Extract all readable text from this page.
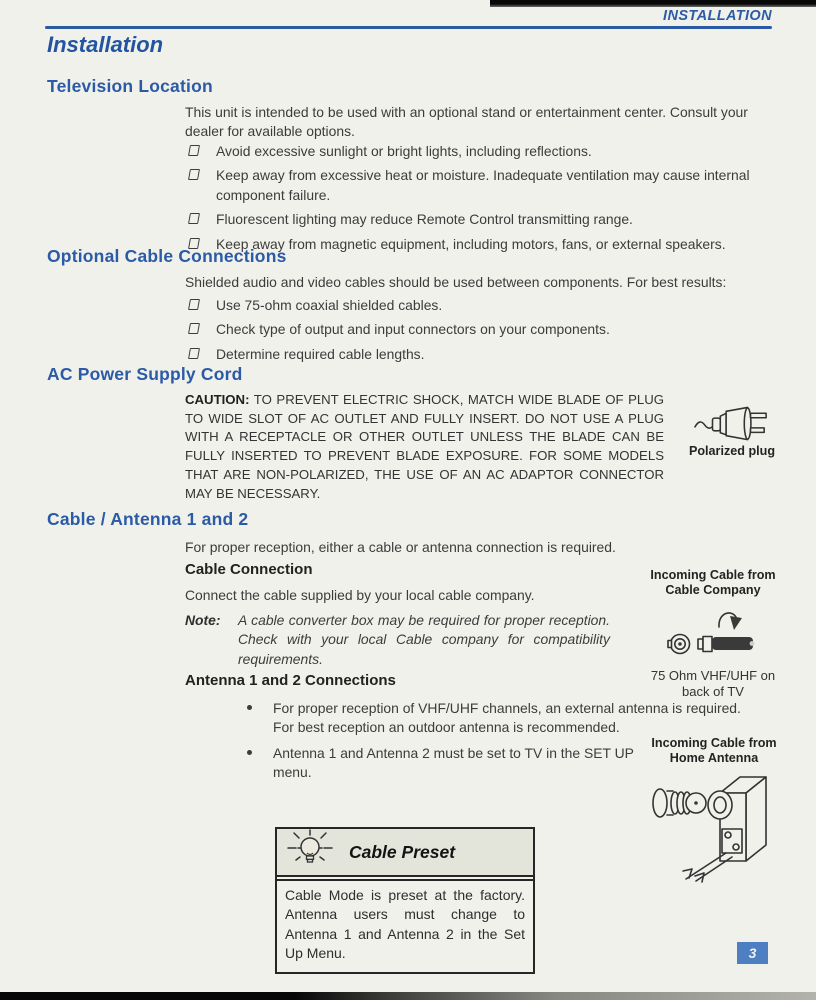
INSTALLATION
Installation
Television Location
This unit is intended to be used with an optional stand or entertainment center. Consult your dealer for available options.
Avoid excessive sunlight or bright lights, including reflections.
Keep away from excessive heat or moisture. Inadequate ventilation may cause internal component failure.
Fluorescent lighting may reduce Remote Control transmitting range.
Keep away from magnetic equipment, including motors, fans, or external speakers.
Optional Cable Connections
Shielded audio and video cables should be used between components. For best results:
Use 75-ohm coaxial shielded cables.
Check type of output and input connectors on your components.
Determine required cable lengths.
AC Power Supply Cord
CAUTION: TO PREVENT ELECTRIC SHOCK, MATCH WIDE BLADE OF PLUG TO WIDE SLOT OF AC OUTLET AND FULLY INSERT. DO NOT USE A PLUG WITH A RECEPTACLE OR OTHER OUTLET UNLESS THE BLADE CAN BE FULLY INSERTED TO PREVENT BLADE EXPOSURE. FOR SOME MODELS THAT ARE NON-POLARIZED, THE USE OF AN AC ADAPTOR CONNECTOR MAY BE NECESSARY.
Polarized plug
Cable / Antenna 1 and 2
For proper reception, either a cable or antenna connection is required.
Cable Connection
Connect the cable supplied by your local cable company.
Note:	A cable converter box may be required for proper reception. Check with your local Cable company for compatibility requirements.
Antenna 1 and 2 Connections
For proper reception of VHF/UHF channels, an external antenna is required. For best reception an outdoor antenna is recommended.
Antenna 1 and Antenna 2 must be set to TV in the SET UP menu.
Incoming Cable from Cable Company
75 Ohm VHF/UHF on back of TV
Incoming Cable from Home Antenna
Cable Preset
Cable Mode is preset at the factory. Antenna users must change to Antenna 1 and Antenna 2 in the Set Up Menu.	3
